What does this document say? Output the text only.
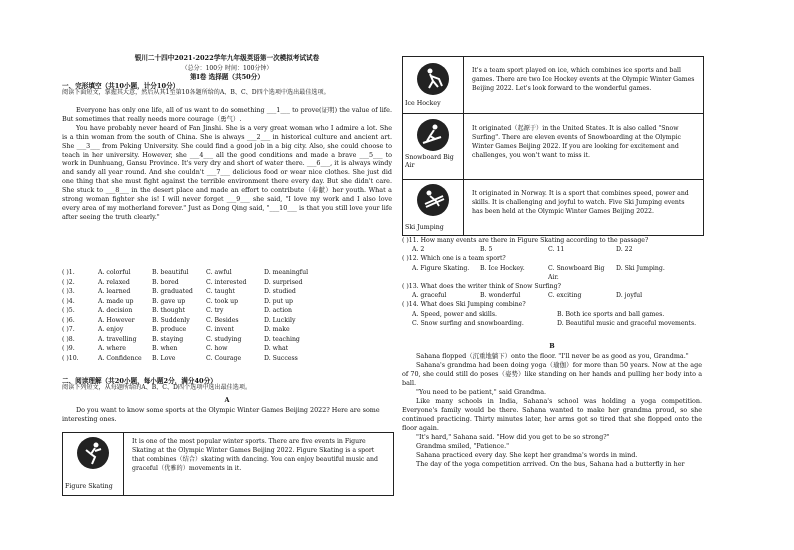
银川二十四中2021-2022学年九年级英语第一次模拟考试试卷
（总分：100分 时间：100分钟）
第Ⅰ卷 选择题（共50分）
一、完形填空（共10小题，计分10分）
阅读下面短文，掌握其大意，然后从其1至第10各题所给的A、B、C、D四个选项中选出最佳选项。

Everyone has only one life, all of us want to do something ___1___ to prove(证明) the value of life. But sometimes that really needs more courage（勇气）.

You have probably never heard of Fan Jinshi. She is a very great woman who I admire a lot. She is a thin woman from the south of China. She is always ___2___ in historical culture and ancient art. She ___3___ from Peking University. She could find a good job in a big city. Also, she could choose to teach in her university. However, she ___4___ all the good conditions and made a brave ___5___ to work in Dunhuang, Gansu Province. It's very dry and short of water there. ___6___, it is always windy and sandy all year round. And she couldn't ___7___ delicious food or wear nice clothes. She just did one thing that she must fight against the terrible environment there every day. But she didn't care. She stuck to ___8___ in the desert place and made an effort to contribute（奉献）her youth. What a strong woman fighter she is! I will never forget ___9___ she said, "I love my work and I also love every area of my motherland forever." Just as Dong Qing said, "___10___ is that you still love your life after seeing the truth clearly."

( )1.	A. colorful	B. beautiful	C. awful	D. meaningful
( )2.	A. relaxed	B. bored	C. interested	D. surprised
( )3.	A. learned	B. graduated	C. taught	D. studied
( )4.	A. made up	B. gave up	C. took up	D. put up
( )5.	A. decision	B. thought	C. try	D. action
( )6.	A. However	B. Suddenly	C. Besides	D. Luckily
( )7.	A. enjoy	B. produce	C. invent	D. make
( )8.	A. travelling	B. staying	C. studying	D. teaching
( )9.	A. where	B. when	C. how	D. what
( )10.	A. Confidence	B. Love	C. Courage	D. Success
二、阅读理解（共20小题，每小题2分，满分40分）
阅读下列短文，从每题所给的A、B、C、D四个选项中选出最佳选项。
A

Do you want to know some sports at the Olympic Winter Games Beijing 2022? Here are some interesting ones.

Figure Skating
It is one of the most popular winter sports. There are five events in Figure Skating at the Olympic Winter Games Beijing 2022. Figure Skating is a sport that combines（结合）skating with dancing. You can enjoy beautiful music and graceful（优雅的）movements in it.
Ice Hockey
It's a team sport played on ice, which combines ice sports and ball games. There are two Ice Hockey events at the Olympic Winter Games Beijing 2022. Let's look forward to the wonderful games.
Snowboard Big Air
It originated（起源于）in the United States. It is also called "Snow Surfing". There are eleven events of Snowboarding at the Olympic Winter Games Beijing 2022. If you are looking for excitement and challenges, you won't want to miss it.
Ski Jumping
It originated in Norway. It is a sport that combines speed, power and skills. It is challenging and joyful to watch. Five Ski Jumping events has been held at the Olympic Winter Games Beijing 2022.
( )11. How many events are there in Figure Skating according to the passage?
A. 2	B. 5	C. 11	D. 22
( )12. Which one is a team sport?
A. Figure Skating.	B. Ice Hockey.	C. Snowboard Big Air.
D. Ski Jumping.
( )13. What does the writer think of Snow Surfing?
A. graceful	B. wonderful	C. exciting	D. joyful
( )14. What does Ski Jumping combine?
A. Speed, power and skills.	B. Both ice sports and ball games.
C. Snow surfing and snowboarding.	D. Beautiful music and graceful movements.
B

Sahana flopped（沉重地躺下）onto the floor. "I'll never be as good as you, Grandma."

Sahana's grandma had been doing yoga（瑜伽）for more than 50 years. Now at the age of 70, she could still do poses（姿势）like standing on her hands and pulling her body into a ball.

"You need to be patient," said Grandma.

Like many schools in India, Sahana's school was holding a yoga competition. Everyone's family would be there. Sahana wanted to make her grandma proud, so she continued practicing. Thirty minutes later, her arms got so tired that she flopped onto the floor again.

"It's hard," Sahana said. "How did you get to be so strong?"

Grandma smiled, "Patience."

Sahana practiced every day. She kept her grandma's words in mind.

The day of the yoga competition arrived. On the bus, Sahana had a butterfly in her
